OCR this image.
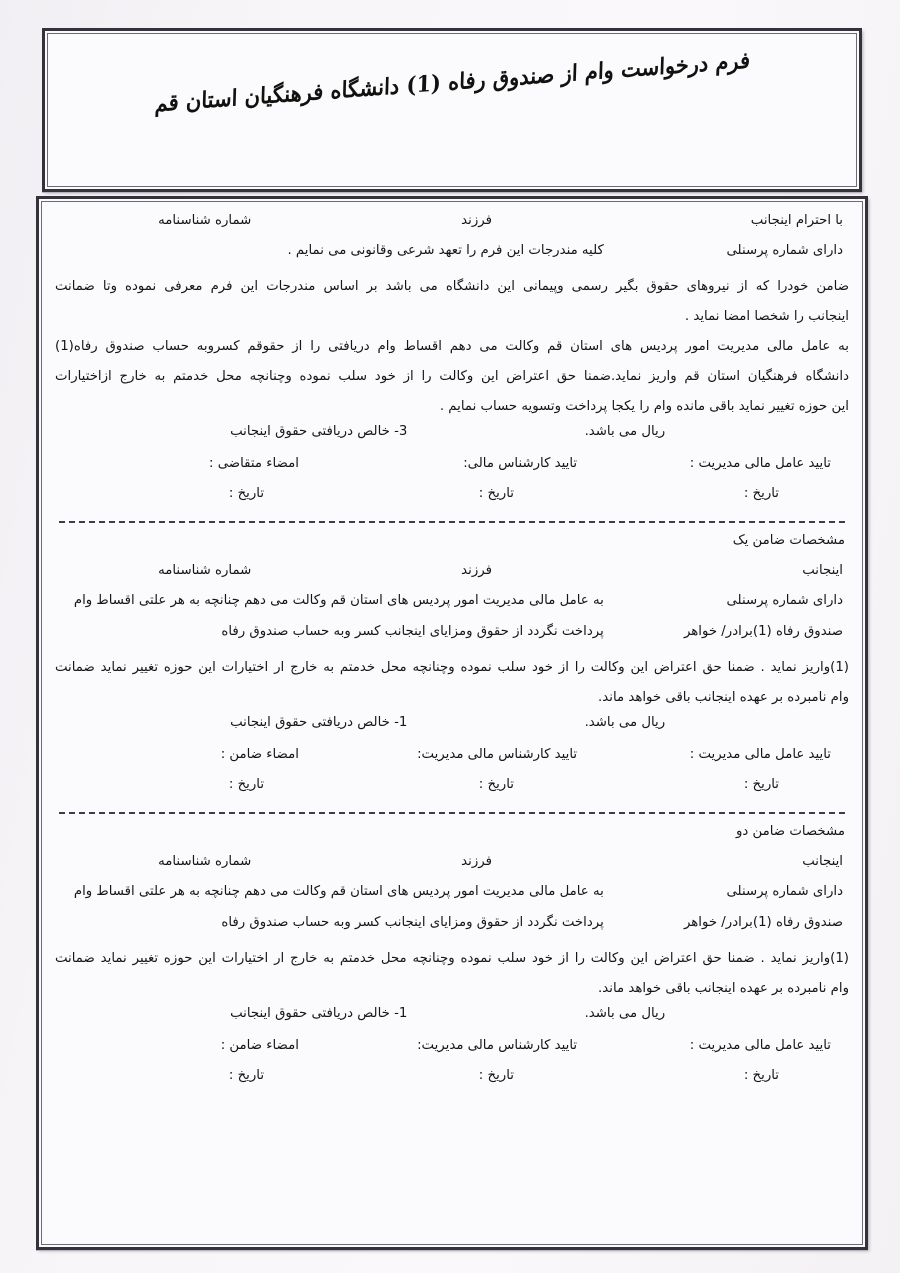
فرم درخواست وام از صندوق رفاه (1) دانشگاه فرهنگیان استان قم
با احترام اینجانب
فرزند
شماره شناسنامه
دارای شماره پرسنلی
کلیه مندرجات این فرم را تعهد شرعی وقانونی می نمایم .
ضامن خودرا که از نیروهای حقوق بگیر رسمی وپیمانی این دانشگاه می باشد بر اساس مندرجات این فرم معرفی نموده وتا ضمانت
اینجانب را شخصا امضا نماید .
به عامل مالی مدیریت امور پردیس های استان قم وکالت می دهم اقساط وام دریافتی را از حقوقم کسروبه حساب صندوق رفاه(1)
دانشگاه فرهنگیان استان قم واریز نماید.ضمنا حق اعتراض این وکالت را از خود سلب نموده وچنانچه محل خدمتم به خارج ازاختیارات
این حوزه تغییر نماید باقی مانده وام را یکجا پرداخت وتسویه حساب نمایم .
ریال می باشد.
3- خالص دریافتی حقوق اینجانب
تایید عامل مالی مدیریت :
تایید کارشناس مالی:
امضاء متقاضی :
تاریخ :
تاریخ :
تاریخ :
مشخصات ضامن یک
اینجانب
فرزند
شماره شناسنامه
دارای شماره پرسنلی
به عامل مالی مدیریت امور پردیس های استان قم وکالت می دهم چنانچه به هر علتی اقساط وام
صندوق رفاه (1)برادر/ خواهر
پرداخت نگردد از حقوق ومزایای اینجانب کسر وبه حساب صندوق رفاه
(1)واریز نماید . ضمنا حق اعتراض این وکالت را از خود سلب نموده وچنانچه محل خدمتم به خارج ار اختیارات این حوزه تغییر نماید ضمانت
وام نامبرده بر عهده اینجانب باقی خواهد ماند.
ریال می باشد.
1- خالص دریافتی حقوق اینجانب
تایید عامل مالی مدیریت :
تایید کارشناس مالی مدیریت:
امضاء ضامن :
تاریخ :
تاریخ :
تاریخ :
مشخصات ضامن دو
اینجانب
فرزند
شماره شناسنامه
دارای شماره پرسنلی
به عامل مالی مدیریت امور پردیس های استان قم وکالت می دهم چنانچه به هر علتی اقساط وام
صندوق رفاه (1)برادر/ خواهر
پرداخت نگردد از حقوق ومزایای اینجانب کسر وبه حساب صندوق رفاه
(1)واریز نماید . ضمنا حق اعتراض این وکالت را از خود سلب نموده وچنانچه محل خدمتم به خارج ار اختیارات این حوزه تغییر نماید ضمانت
وام نامبرده بر عهده اینجانب باقی خواهد ماند.
ریال می باشد.
1- خالص دریافتی حقوق اینجانب
تایید عامل مالی مدیریت :
تایید کارشناس مالی مدیریت:
امضاء ضامن :
تاریخ :
تاریخ :
تاریخ :
